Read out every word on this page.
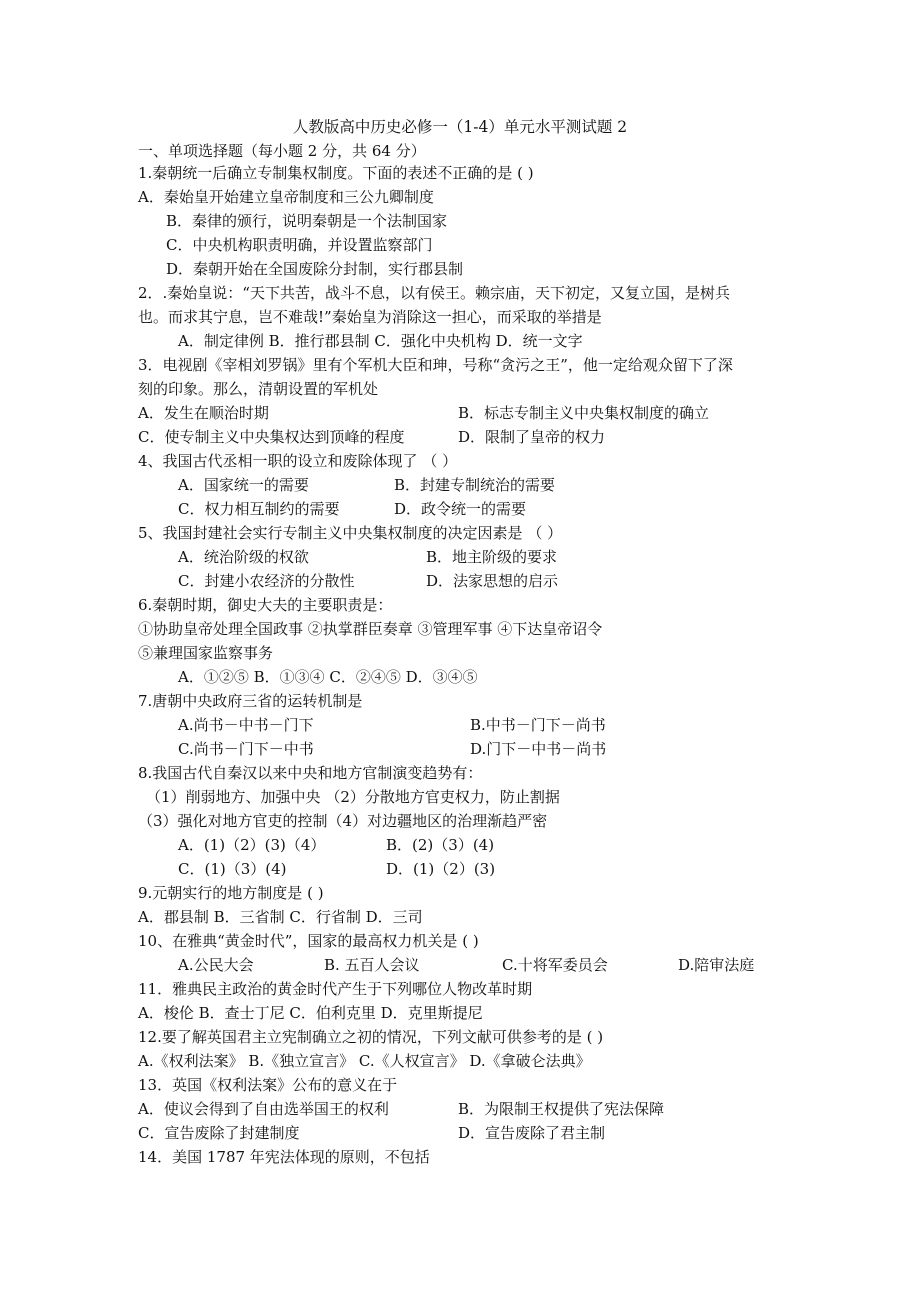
人教版高中历史必修一（1-4）单元水平测试题 2
一、单项选择题（每小题 2 分，共 64 分）
1.秦朝统一后确立专制集权制度。下面的表述不正确的是 ( )
A．秦始皇开始建立皇帝制度和三公九卿制度
B．秦律的颁行，说明秦朝是一个法制国家
C．中央机构职责明确，并设置监察部门
D．秦朝开始在全国废除分封制，实行郡县制
2．.秦始皇说：“天下共苦，战斗不息，以有侯王。赖宗庙，天下初定，又复立国，是树兵
也。而求其宁息，岂不难哉!”秦始皇为消除这一担心，而采取的举措是
A．制定律例 B．推行郡县制 C．强化中央机构 D．统一文字
3．电视剧《宰相刘罗锅》里有个军机大臣和珅，号称“贪污之王”，他一定给观众留下了深
刻的印象。那么，清朝设置的军机处
A．发生在顺治时期	B．标志专制主义中央集权制度的确立
C．使专制主义中央集权达到顶峰的程度	D．限制了皇帝的权力
4、我国古代丞相一职的设立和废除体现了 （ ）
A．国家统一的需要	B．封建专制统治的需要
C．权力相互制约的需要	D．政令统一的需要
5、我国封建社会实行专制主义中央集权制度的决定因素是 （ ）
A．统治阶级的权欲	B．地主阶级的要求
C．封建小农经济的分散性	D．法家思想的启示
6.秦朝时期，御史大夫的主要职责是：
①协助皇帝处理全国政事 ②执掌群臣奏章 ③管理军事 ④下达皇帝诏令
⑤兼理国家监察事务
A．①②⑤ B．①③④ C．②④⑤ D．③④⑤
7.唐朝中央政府三省的运转机制是
A.尚书－中书－门下	B.中书－门下－尚书
C.尚书－门下－中书	D.门下－中书－尚书
8.我国古代自秦汉以来中央和地方官制演变趋势有：
（1）削弱地方、加强中央 （2）分散地方官吏权力，防止割据
（3）强化对地方官吏的控制（4）对边疆地区的治理渐趋严密
A．(1)（2）(3)（4）	B．(2)（3）(4)
C．(1)（3）(4)	D．(1)（2）(3)
9.元朝实行的地方制度是 ( )
A．郡县制 B．三省制 C．行省制 D．三司
10、在雅典“黄金时代”，国家的最高权力机关是 ( )
A.公民大会	B. 五百人会议	C.十将军委员会	D.陪审法庭
11．雅典民主政治的黄金时代产生于下列哪位人物改革时期
A．梭伦 B．查士丁尼 C．伯利克里 D．克里斯提尼
12.要了解英国君主立宪制确立之初的情况，下列文献可供参考的是 ( )
A.《权利法案》 B.《独立宣言》 C.《人权宣言》 D.《拿破仑法典》
13．英国《权利法案》公布的意义在于
A．使议会得到了自由选举国王的权利	B．为限制王权提供了宪法保障
C．宣告废除了封建制度	D．宣告废除了君主制
14．美国 1787 年宪法体现的原则，不包括
